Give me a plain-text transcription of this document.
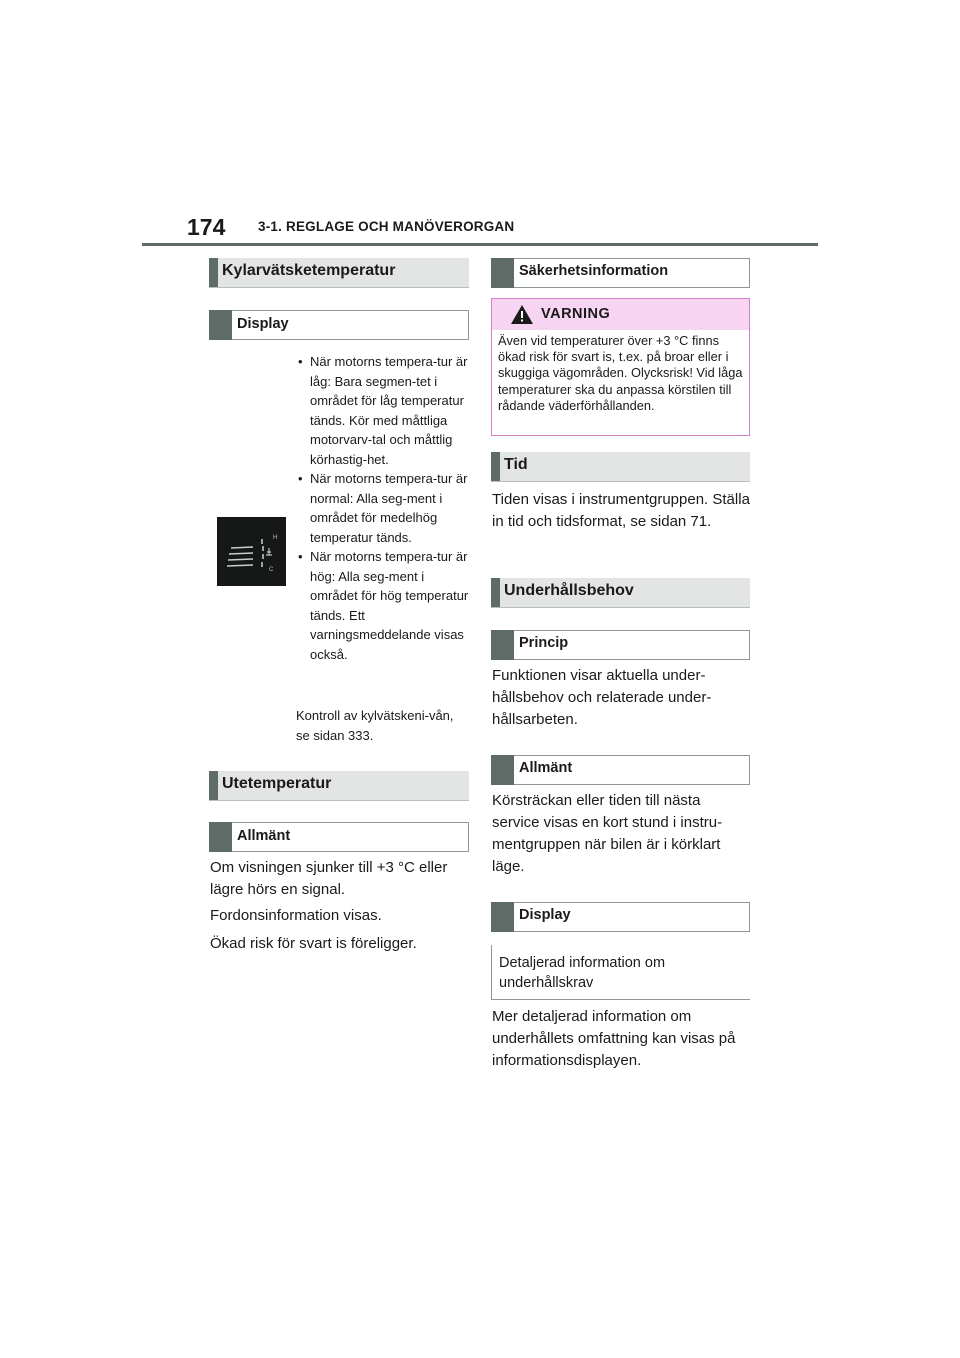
174 3-1. REGLAGE OCH MANÖVERORGAN
Kylarvätsketemperatur
Display
H
C
• När motorns tempera-tur är låg: Bara segmen-tet i området för låg temperatur tänds. Kör med måttliga motorvarv-tal och måttlig körhastig-het.
• När motorns tempera-tur är normal: Alla seg-ment i området för medelhög temperatur tänds.
• När motorns tempera-tur är hög: Alla seg-ment i området för hög temperatur tänds. Ett varningsmeddelande visas också.
Kontroll av kylvätskeni-vån, se sidan 333.
Utetemperatur
Allmänt
Om visningen sjunker till +3 °C eller lägre hörs en signal.
Fordonsinformation visas.
Ökad risk för svart is föreligger.
Säkerhetsinformation
VARNING
Även vid temperaturer över +3 °C finns ökad risk för svart is, t.ex. på broar eller i skuggiga vägområden. Olycksrisk! Vid låga temperaturer ska du anpassa körstilen till rådande väderförhållanden.
Tid
Tiden visas i instrumentgruppen. Ställa in tid och tidsformat, se sidan 71.
Underhållsbehov
Princip
Funktionen visar aktuella under-hållsbehov och relaterade under-hållsarbeten.
Allmänt
Körsträckan eller tiden till nästa service visas en kort stund i instru-mentgruppen när bilen är i körklart läge.
Display
Detaljerad information om underhållskrav
Mer detaljerad information om underhållets omfattning kan visas på informationsdisplayen.
